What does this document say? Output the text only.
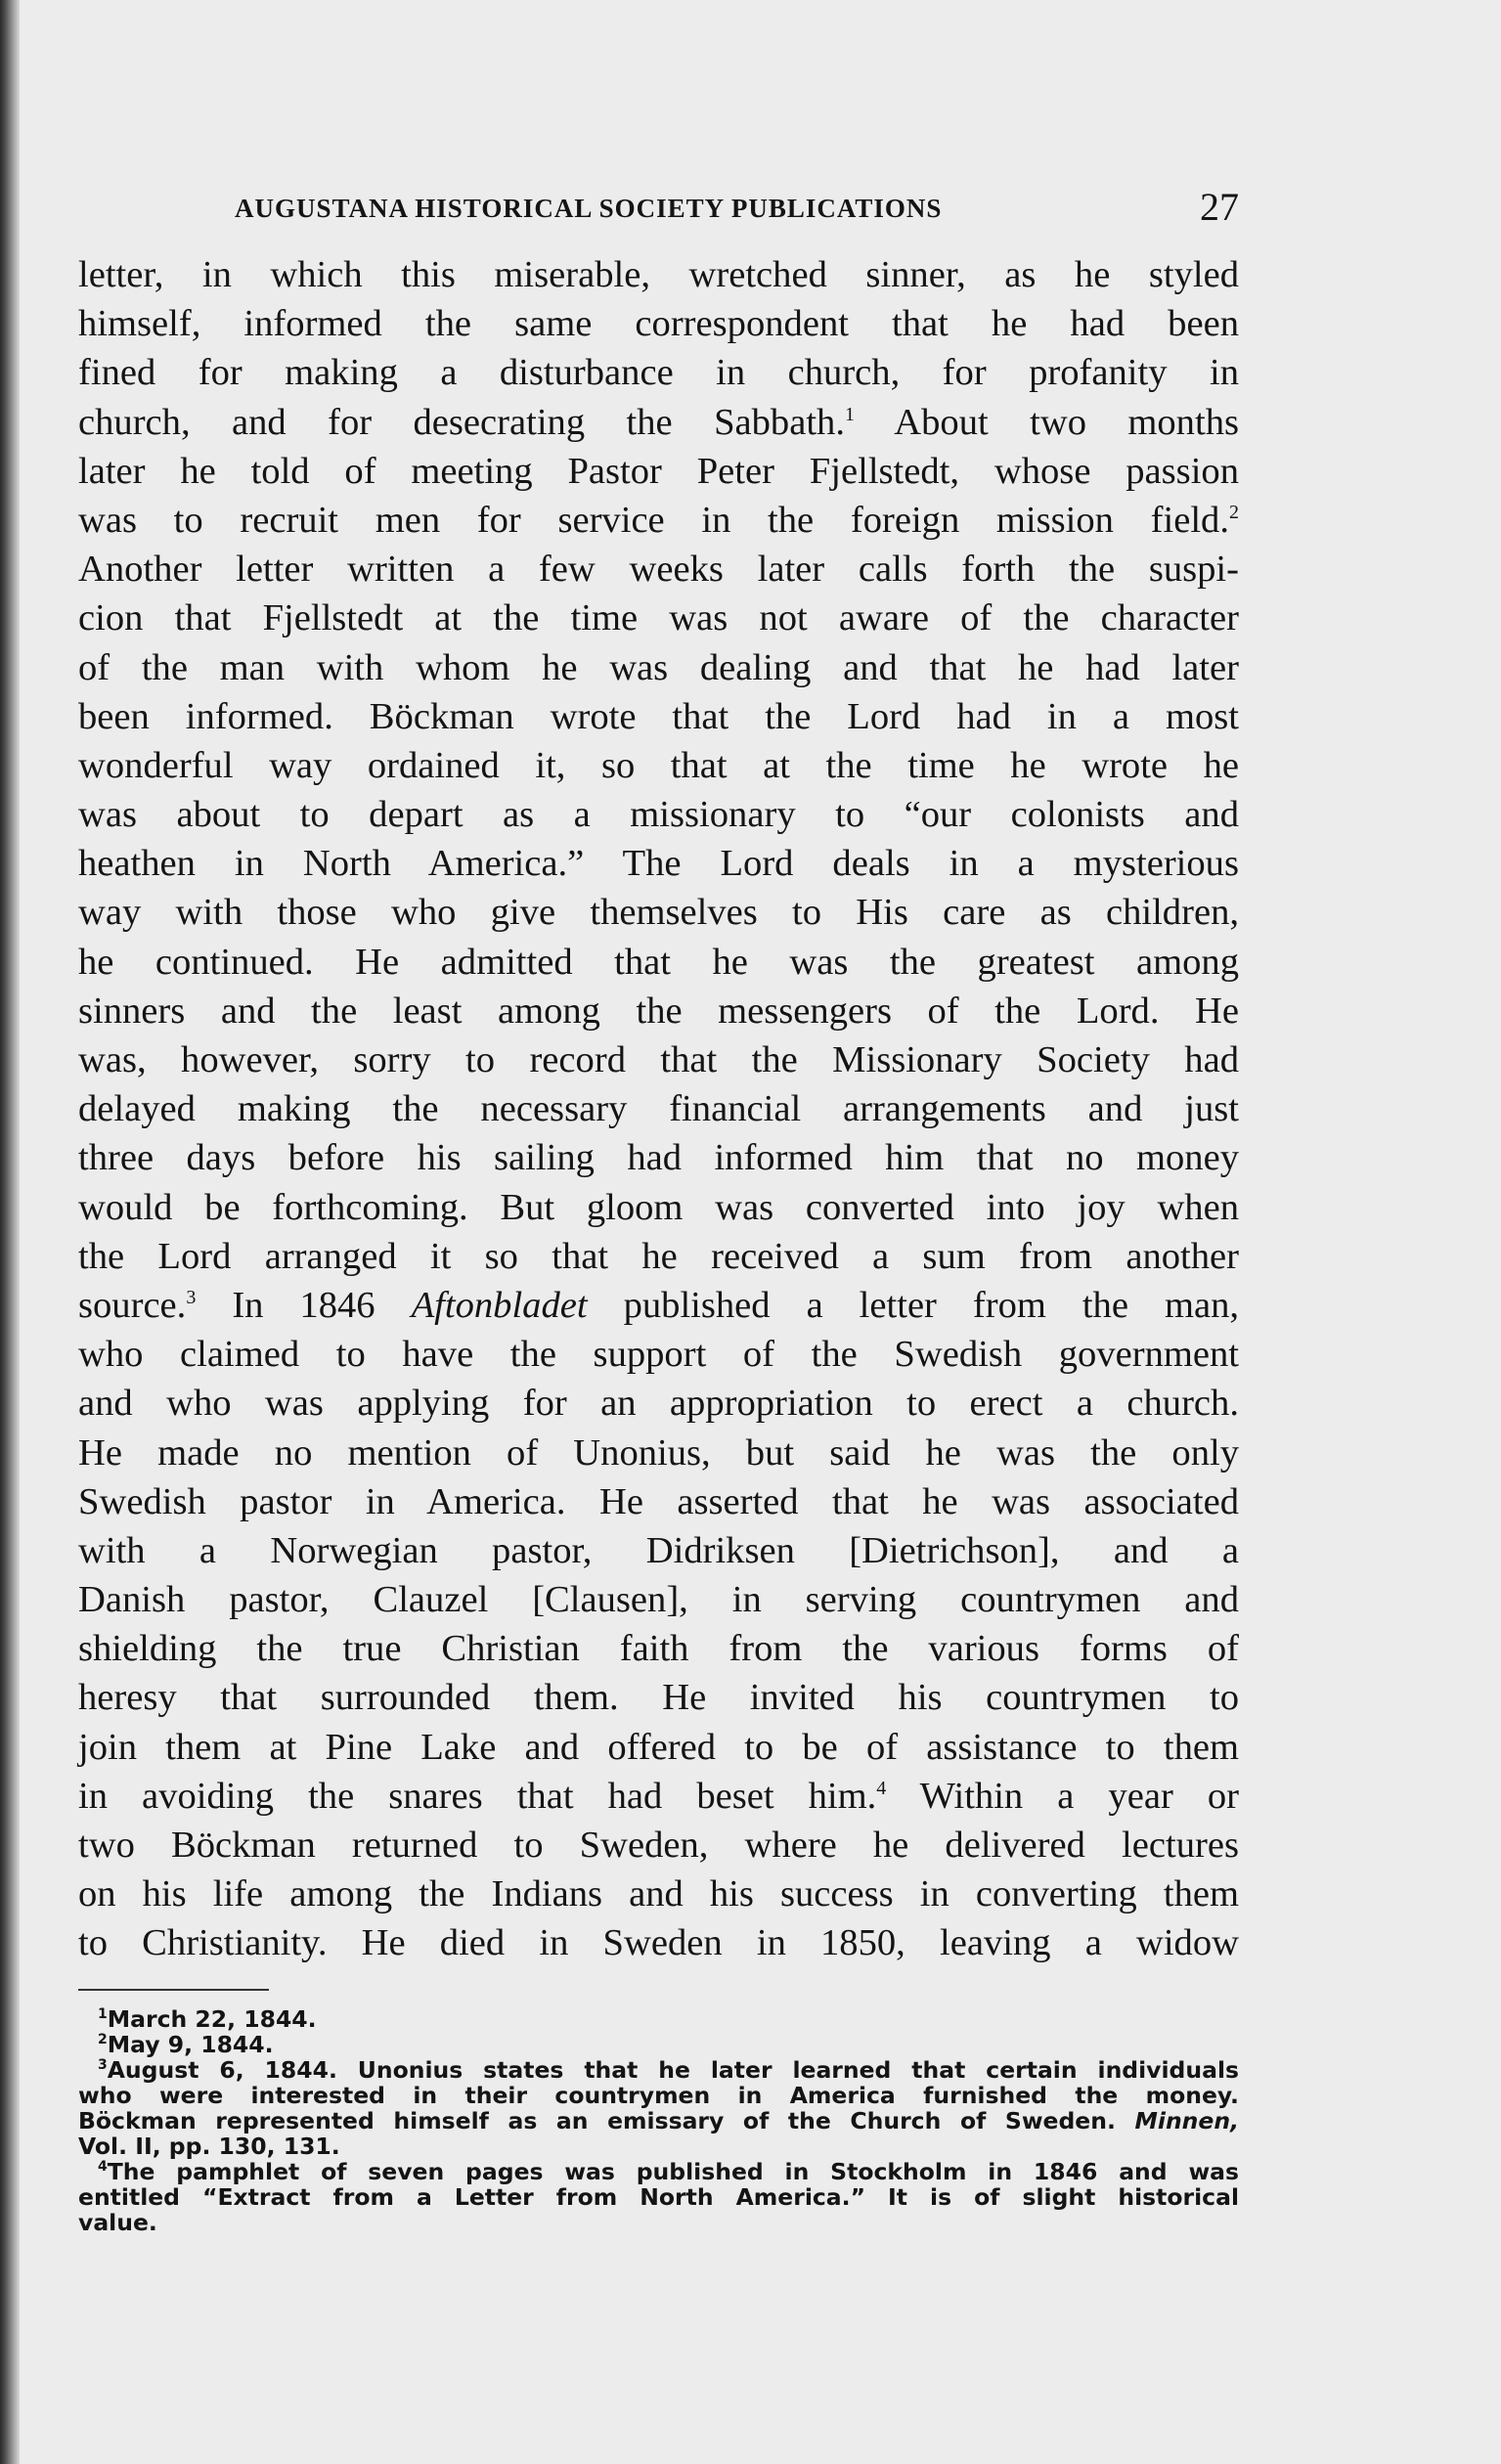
AUGUSTANA HISTORICAL SOCIETY PUBLICATIONS	27
letter, in which this miserable, wretched sinner, as he styled
himself, informed the same correspondent that he had been
fined for making a disturbance in church, for profanity in
church, and for desecrating the Sabbath.$^1$ About two months
later he told of meeting Pastor Peter Fjellstedt, whose passion
was to recruit men for service in the foreign mission field.$^2$
Another letter written a few weeks later calls forth the suspi-
cion that Fjellstedt at the time was not aware of the character
of the man with whom he was dealing and that he had later
been informed. Böckman wrote that the Lord had in a most
wonderful way ordained it, so that at the time he wrote he
was about to depart as a missionary to “our colonists and
heathen in North America.” The Lord deals in a mysterious
way with those who give themselves to His care as children,
he continued. He admitted that he was the greatest among
sinners and the least among the messengers of the Lord. He
was, however, sorry to record that the Missionary Society had
delayed making the necessary financial arrangements and just
three days before his sailing had informed him that no money
would be forthcoming. But gloom was converted into joy when
the Lord arranged it so that he received a sum from another
source.$^3$ In 1846 Aftonbladet published a letter from the man,
who claimed to have the support of the Swedish government
and who was applying for an appropriation to erect a church.
He made no mention of Unonius, but said he was the only
Swedish pastor in America. He asserted that he was associated
with a Norwegian pastor, Didriksen [Dietrichson], and a
Danish pastor, Clauzel [Clausen], in serving countrymen and
shielding the true Christian faith from the various forms of
heresy that surrounded them. He invited his countrymen to
join them at Pine Lake and offered to be of assistance to them
in avoiding the snares that had beset him.$^4$ Within a year or
two Böckman returned to Sweden, where he delivered lectures
on his life among the Indians and his success in converting them
to Christianity. He died in Sweden in 1850, leaving a widow
$^1$March 22, 1844.
$^2$May 9, 1844.
$^3$August 6, 1844. Unonius states that he later learned that certain individuals
who were interested in their countrymen in America furnished the money.
Böckman represented himself as an emissary of the Church of Sweden. Minnen,
Vol. II, pp. 130, 131.
$^4$The pamphlet of seven pages was published in Stockholm in 1846 and was
entitled “Extract from a Letter from North America.” It is of slight historical
value.
